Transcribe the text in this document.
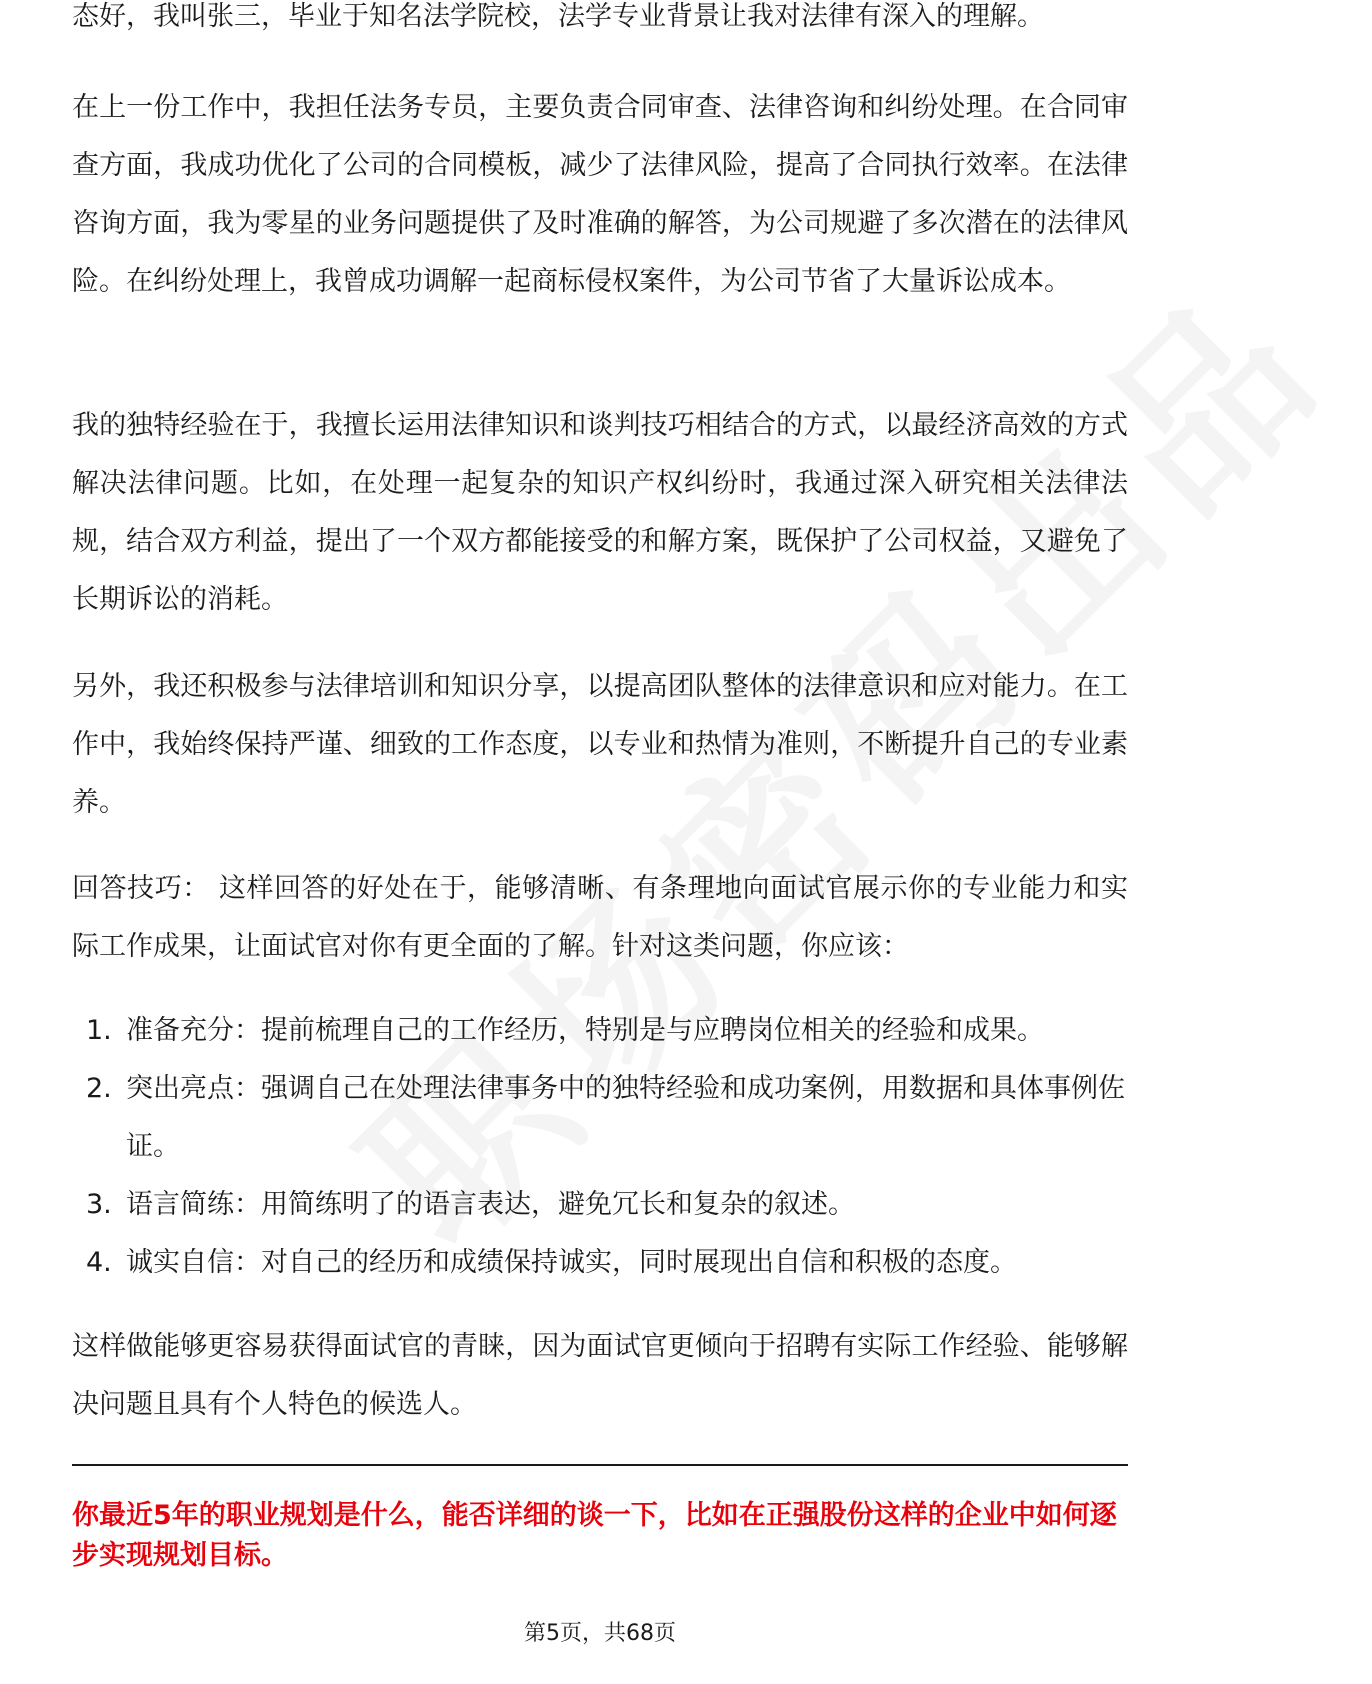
态好，我叫张三，毕业于知名法学院校，法学专业背景让我对法律有深入的理解。

在上一份工作中，我担任法务专员，主要负责合同审查、法律咨询和纠纷处理。在合同审查方面，我成功优化了公司的合同模板，减少了法律风险，提高了合同执行效率。在法律咨询方面，我为零星的业务问题提供了及时准确的解答，为公司规避了多次潜在的法律风险。在纠纷处理上，我曾成功调解一起商标侵权案件，为公司节省了大量诉讼成本。

我的独特经验在于，我擅长运用法律知识和谈判技巧相结合的方式，以最经济高效的方式解决法律问题。比如，在处理一起复杂的知识产权纠纷时，我通过深入研究相关法律法规，结合双方利益，提出了一个双方都能接受的和解方案，既保护了公司权益，又避免了长期诉讼的消耗。

另外，我还积极参与法律培训和知识分享，以提高团队整体的法律意识和应对能力。在工作中，我始终保持严谨、细致的工作态度，以专业和热情为准则，不断提升自己的专业素养。

回答技巧： 这样回答的好处在于，能够清晰、有条理地向面试官展示你的专业能力和实际工作成果，让面试官对你有更全面的了解。针对这类问题，你应该：

1. 准备充分：提前梳理自己的工作经历，特别是与应聘岗位相关的经验和成果。
2. 突出亮点：强调自己在处理法律事务中的独特经验和成功案例，用数据和具体事例佐证。
3. 语言简练：用简练明了的语言表达，避免冗长和复杂的叙述。
4. 诚实自信：对自己的经历和成绩保持诚实，同时展现出自信和积极的态度。

这样做能够更容易获得面试官的青睐，因为面试官更倾向于招聘有实际工作经验、能够解决问题且具有个人特色的候选人。

你最近5年的职业规划是什么，能否详细的谈一下，比如在正强股份这样的企业中如何逐步实现规划目标。

第5页，共68页
